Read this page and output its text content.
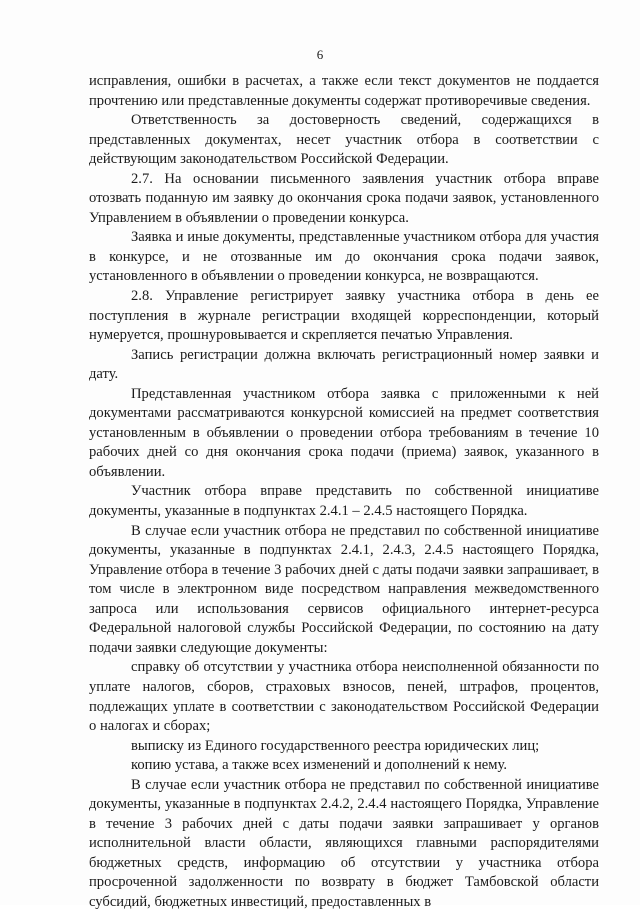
6

исправления, ошибки в расчетах, а также если текст документов не поддается прочтению или представленные документы содержат противоречивые сведения.

Ответственность за достоверность сведений, содержащихся в представленных документах, несет участник отбора в соответствии с действующим законодательством Российской Федерации.

2.7. На основании письменного заявления участник отбора вправе отозвать поданную им заявку до окончания срока подачи заявок, установленного Управлением в объявлении о проведении конкурса.

Заявка и иные документы, представленные участником отбора для участия в конкурсе, и не отозванные им до окончания срока подачи заявок, установленного в объявлении о проведении конкурса, не возвращаются.

2.8. Управление регистрирует заявку участника отбора в день ее поступления в журнале регистрации входящей корреспонденции, который нумеруется, прошнуровывается и скрепляется печатью Управления.

Запись регистрации должна включать регистрационный номер заявки и дату.

Представленная участником отбора заявка с приложенными к ней документами рассматриваются конкурсной комиссией на предмет соответствия установленным в объявлении о проведении отбора требованиям в течение 10 рабочих дней со дня окончания срока подачи (приема) заявок, указанного в объявлении.

Участник отбора вправе представить по собственной инициативе документы, указанные в подпунктах 2.4.1 – 2.4.5 настоящего Порядка.

В случае если участник отбора не представил по собственной инициативе документы, указанные в подпунктах 2.4.1, 2.4.3, 2.4.5 настоящего Порядка, Управление отбора в течение 3 рабочих дней с даты подачи заявки запрашивает, в том числе в электронном виде посредством направления межведомственного запроса или использования сервисов официального интернет-ресурса Федеральной налоговой службы Российской Федерации, по состоянию на дату подачи заявки следующие документы:

справку об отсутствии у участника отбора неисполненной обязанности по уплате налогов, сборов, страховых взносов, пеней, штрафов, процентов, подлежащих уплате в соответствии с законодательством Российской Федерации о налогах и сборах;

выписку из Единого государственного реестра юридических лиц;

копию устава, а также всех изменений и дополнений к нему.

В случае если участник отбора не представил по собственной инициативе документы, указанные в подпунктах 2.4.2, 2.4.4 настоящего Порядка, Управление в течение 3 рабочих дней с даты подачи заявки запрашивает у органов исполнительной власти области, являющихся главными распорядителями бюджетных средств, информацию об отсутствии у участника отбора просроченной задолженности по возврату в бюджет Тамбовской области субсидий, бюджетных инвестиций, предоставленных в
